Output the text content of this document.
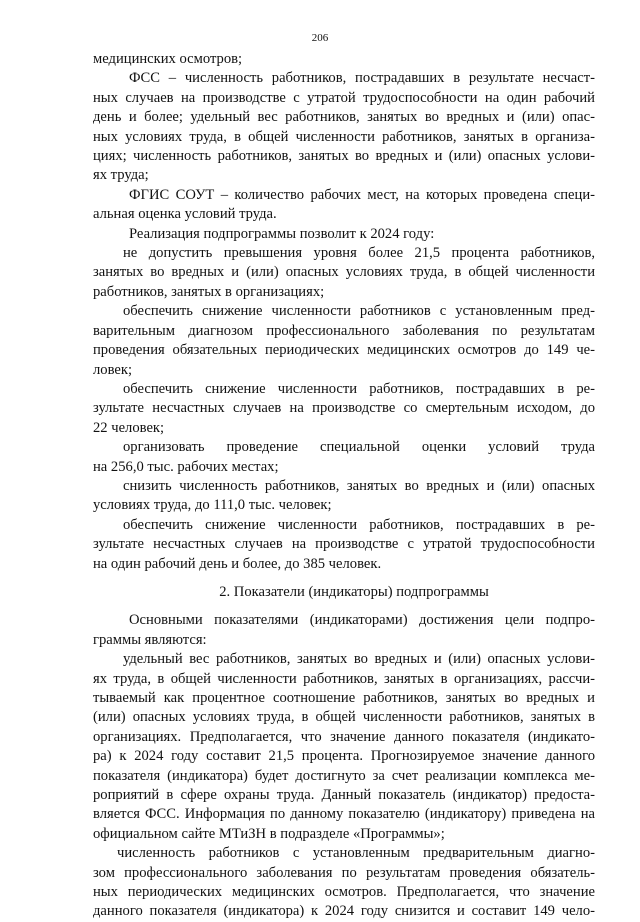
206
медицинских осмотров;
ФСС – численность работников, пострадавших в результате несчаст-
ных случаев на производстве с утратой трудоспособности на один рабочий
день и более; удельный вес работников, занятых во вредных и (или) опас-
ных условиях труда, в общей численности работников, занятых в организа-
циях; численность работников, занятых во вредных и (или) опасных услови-
ях труда;
ФГИС СОУТ – количество рабочих мест, на которых проведена специ-
альная оценка условий труда.
Реализация подпрограммы позволит к 2024 году:
не допустить превышения уровня более 21,5 процента работников,
занятых во вредных и (или) опасных условиях труда, в общей численности
работников, занятых в организациях;
обеспечить снижение численности работников с установленным пред-
варительным диагнозом профессионального заболевания по результатам
проведения обязательных периодических медицинских осмотров до 149 че-
ловек;
обеспечить снижение численности работников, пострадавших в ре-
зультате несчастных случаев на производстве со смертельным исходом, до
22 человек;
организовать проведение специальной оценки условий труда
на 256,0 тыс. рабочих местах;
снизить численность работников, занятых во вредных и (или) опасных
условиях труда, до 111,0 тыс. человек;
обеспечить снижение численности работников, пострадавших в ре-
зультате несчастных случаев на производстве с утратой трудоспособности
на один рабочий день и более, до 385 человек.
2. Показатели (индикаторы) подпрограммы
Основными показателями (индикаторами) достижения цели подпро-
граммы являются:
удельный вес работников, занятых во вредных и (или) опасных услови-
ях труда, в общей численности работников, занятых в организациях, рассчи-
тываемый как процентное соотношение работников, занятых во вредных и
(или) опасных условиях труда, в общей численности работников, занятых в
организациях. Предполагается, что значение данного показателя (индикато-
ра) к 2024 году составит 21,5 процента. Прогнозируемое значение данного
показателя (индикатора) будет достигнуто за счет реализации комплекса ме-
роприятий в сфере охраны труда. Данный показатель (индикатор) предоста-
вляется ФСС. Информация по данному показателю (индикатору) приведена на
официальном сайте МТиЗН в подразделе «Программы»;
численность работников с установленным предварительным диагно-
зом профессионального заболевания по результатам проведения обязатель-
ных периодических медицинских осмотров. Предполагается, что значение
данного показателя (индикатора) к 2024 году снизится и составит 149 чело-
